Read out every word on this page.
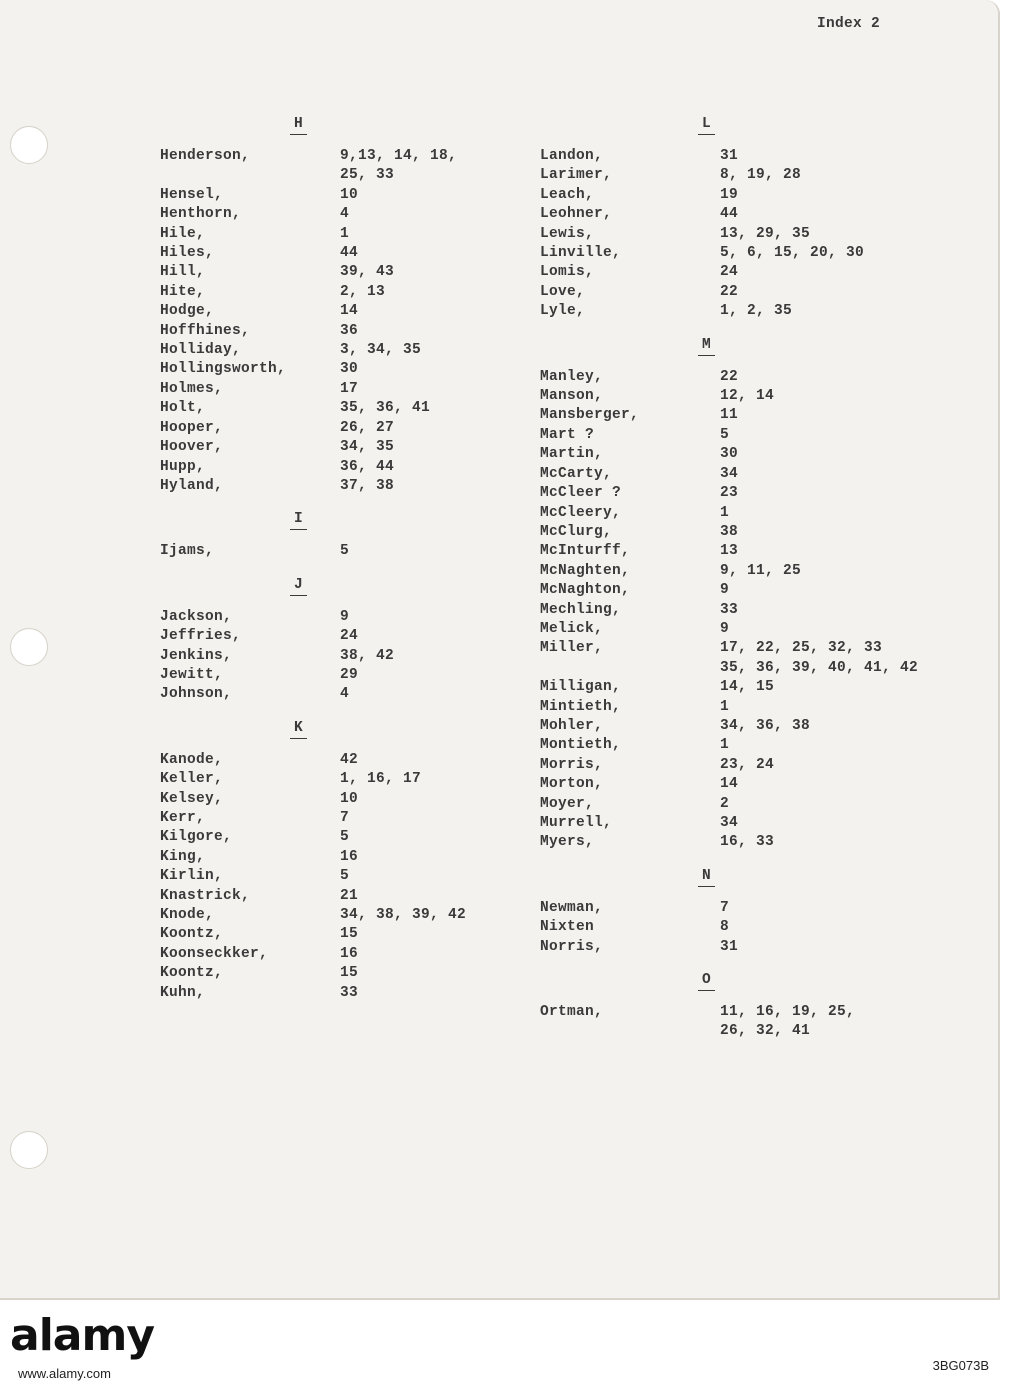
Index 2
H
Henderson,	9,13, 14, 18,
25, 33
Hensel,	10
Henthorn,	4
Hile,	1
Hiles,	44
Hill,	39, 43
Hite,	2, 13
Hodge,	14
Hoffhines,	36
Holliday,	3, 34, 35
Hollingsworth,	30
Holmes,	17
Holt,	35, 36, 41
Hooper,	26, 27
Hoover,	34, 35
Hupp,	36, 44
Hyland,	37, 38
I
Ijams,	5
J
Jackson,	9
Jeffries,	24
Jenkins,	38, 42
Jewitt,	29
Johnson,	4
K
Kanode,	42
Keller,	1, 16, 17
Kelsey,	10
Kerr,	7
Kilgore,	5
King,	16
Kirlin,	5
Knastrick,	21
Knode,	34, 38, 39, 42
Koontz,	15
Koonseckker,	16
Koontz,	15
Kuhn,	33
L
Landon,	31
Larimer,	8, 19, 28
Leach,	19
Leohner,	44
Lewis,	13, 29, 35
Linville,	5, 6, 15, 20, 30
Lomis,	24
Love,	22
Lyle,	1, 2, 35
M
Manley,	22
Manson,	12, 14
Mansberger,	11
Mart ?	5
Martin,	30
McCarty,	34
McCleer ?	23
McCleery,	1
McClurg,	38
McInturff,	13
McNaghten,	9, 11, 25
McNaghton,	9
Mechling,	33
Melick,	9
Miller,	17, 22, 25, 32, 33
35, 36, 39, 40, 41, 42
Milligan,	14, 15
Mintieth,	1
Mohler,	34, 36, 38
Montieth,	1
Morris,	23, 24
Morton,	14
Moyer,	2
Murrell,	34
Myers,	16, 33
N
Newman,	7
Nixten	8
Norris,	31
O
Ortman,	11, 16, 19, 25,
26, 32, 41
alamy
www.alamy.com
3BG073B
